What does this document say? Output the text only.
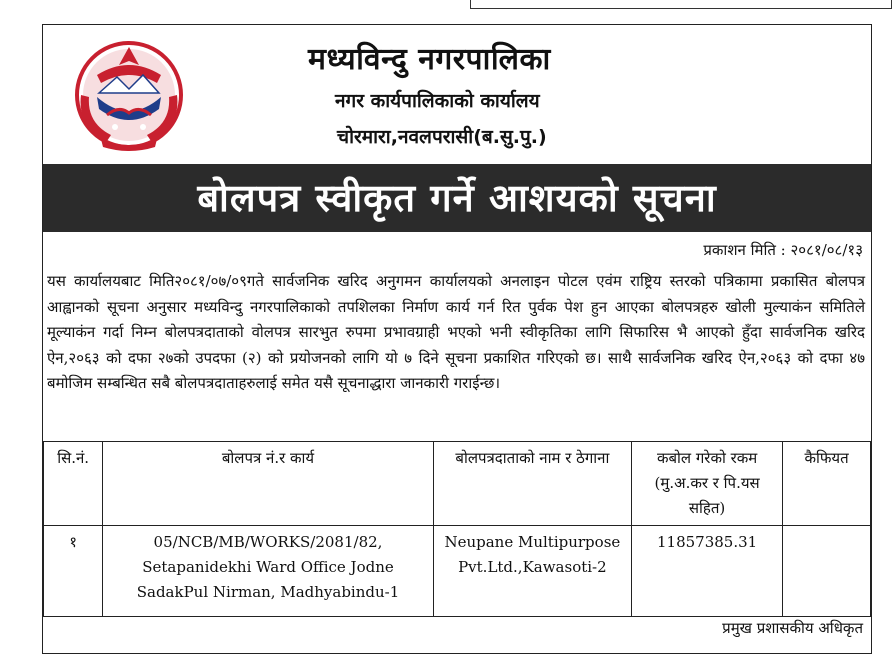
मध्यविन्दु नगरपालिका
नगर कार्यपालिकाको कार्यालय
चोरमारा,नवलपरासी(ब.सु.पु.)
बोलपत्र स्वीकृत गर्ने आशयको सूचना
प्रकाशन मिति : २०८१/०८/१३
यस कार्यालयबाट मिति२०८१/०७/०९गते सार्वजनिक खरिद अनुगमन कार्यालयको अनलाइन पोटल एवंम राष्ट्रिय स्तरको पत्रिकामा प्रकासित बोलपत्र आह्वानको सूचना अनुसार मध्यविन्दु नगरपालिकाको तपशिलका निर्माण कार्य गर्न रित पुर्वक पेश हुन आएका बोलपत्रहरु खोली मुल्याकंन समितिले मूल्याकंन गर्दा निम्न बोलपत्रदाताको वोलपत्र सारभुत रुपमा प्रभावग्राही भएको भनी स्वीकृतिका लागि सिफारिस भै आएको हुँदा सार्वजनिक खरिद ऐन,२०६३ को दफा २७को उपदफा (२) को प्रयोजनको लागि यो ७ दिने सूचना प्रकाशित गरिएको छ। साथै सार्वजनिक खरिद ऐन,२०६३ को दफा ४७ बमोजिम सम्बन्धित सबै बोलपत्रदाताहरुलाई समेत यसै सूचनाद्धारा जानकारी गराईन्छ।
सि.नं.	बोलपत्र नं.र कार्य	बोलपत्रदाताको नाम र ठेगाना	कबोल गरेको रकम (मु.अ.कर र पि.यस सहित)	कैफियत
१	05/NCB/MB/WORKS/2081/82, Setapanidekhi Ward Office Jodne SadakPul Nirman, Madhyabindu-1	Neupane Multipurpose Pvt.Ltd.,Kawasoti-2	11857385.31	
प्रमुख प्रशासकीय अधिकृत
